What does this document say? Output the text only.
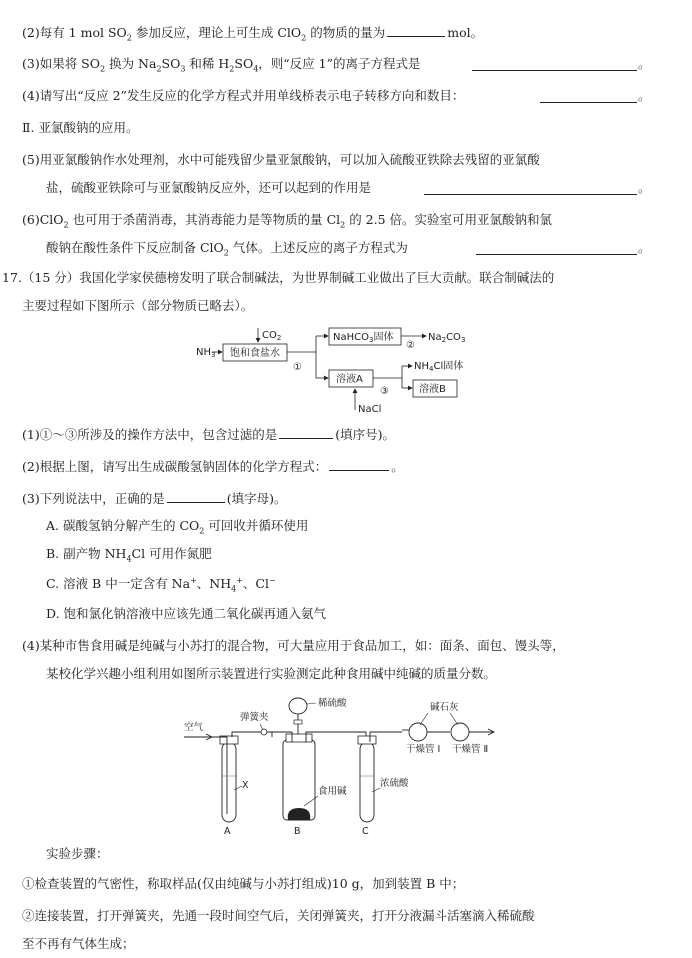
(2)每有 1 mol $SO_2$ 参加反应，理论上可生成 ClO$_2$ 的物质的量为	mol。
(3)如果将 $SO_2$ 换为 $Na_2SO_3$ 和稀 $H_2SO_4$，则“反应 1”的离子方程式是	。
(4)请写出“反应 2”发生反应的化学方程式并用单线桥表示电子转移方向和数目：	。
Ⅱ. 亚氯酸钠的应用。
(5)用亚氯酸钠作水处理剂，水中可能残留少量亚氯酸钠，可以加入硫酸亚铁除去残留的亚氯酸
盐，硫酸亚铁除可与亚氯酸钠反应外，还可以起到的作用是	。
(6)ClO$_2$ 也可用于杀菌消毒，其消毒能力是等物质的量 $Cl_2$ 的 2.5 倍。实验室可用亚氯酸钠和氯
酸钠在酸性条件下反应制备 ClO$_2$ 气体。上述反应的离子方程式为	。
17.（15 分）我国化学家侯德榜发明了联合制碱法，为世界制碱工业做出了巨大贡献。联合制碱法的
主要过程如下图所示（部分物质已略去）。
$NH_3$
$CO_2$
饱和食盐水
①
NaHCO$_3$固体
②
$Na_2CO_3$
溶液A
NaCl
③
$NH_4Cl$固体
溶液B
(1)①～③所涉及的操作方法中，包含过滤的是	(填序号)。
(2)根据上图，请写出生成碳酸氢钠固体的化学方程式：	。
(3)下列说法中，正确的是	(填字母)。
A. 碳酸氢钠分解产生的 $CO_2$ 可回收并循环使用
B. 副产物 $NH_4Cl$ 可用作氮肥
C. 溶液 B 中一定含有 Na+、$NH_4^+$、Cl−
D. 饱和氯化钠溶液中应该先通二氧化碳再通入氨气
(4)某种市售食用碱是纯碱与小苏打的混合物，可大量应用于食品加工，如：面条、面包、馒头等，
某校化学兴趣小组利用如图所示装置进行实验测定此种食用碱中纯碱的质量分数。
空气
X
A
弹簧夹
稀硫酸
食用碱
B
浓硫酸
C
干燥管 Ⅰ 干燥管 Ⅱ
碱石灰
实验步骤：
①检查装置的气密性，称取样品(仅由纯碱与小苏打组成)10 g，加到装置 B 中；
②连接装置，打开弹簧夹，先通一段时间空气后，关闭弹簧夹，打开分液漏斗活塞滴入稀硫酸
至不再有气体生成；
